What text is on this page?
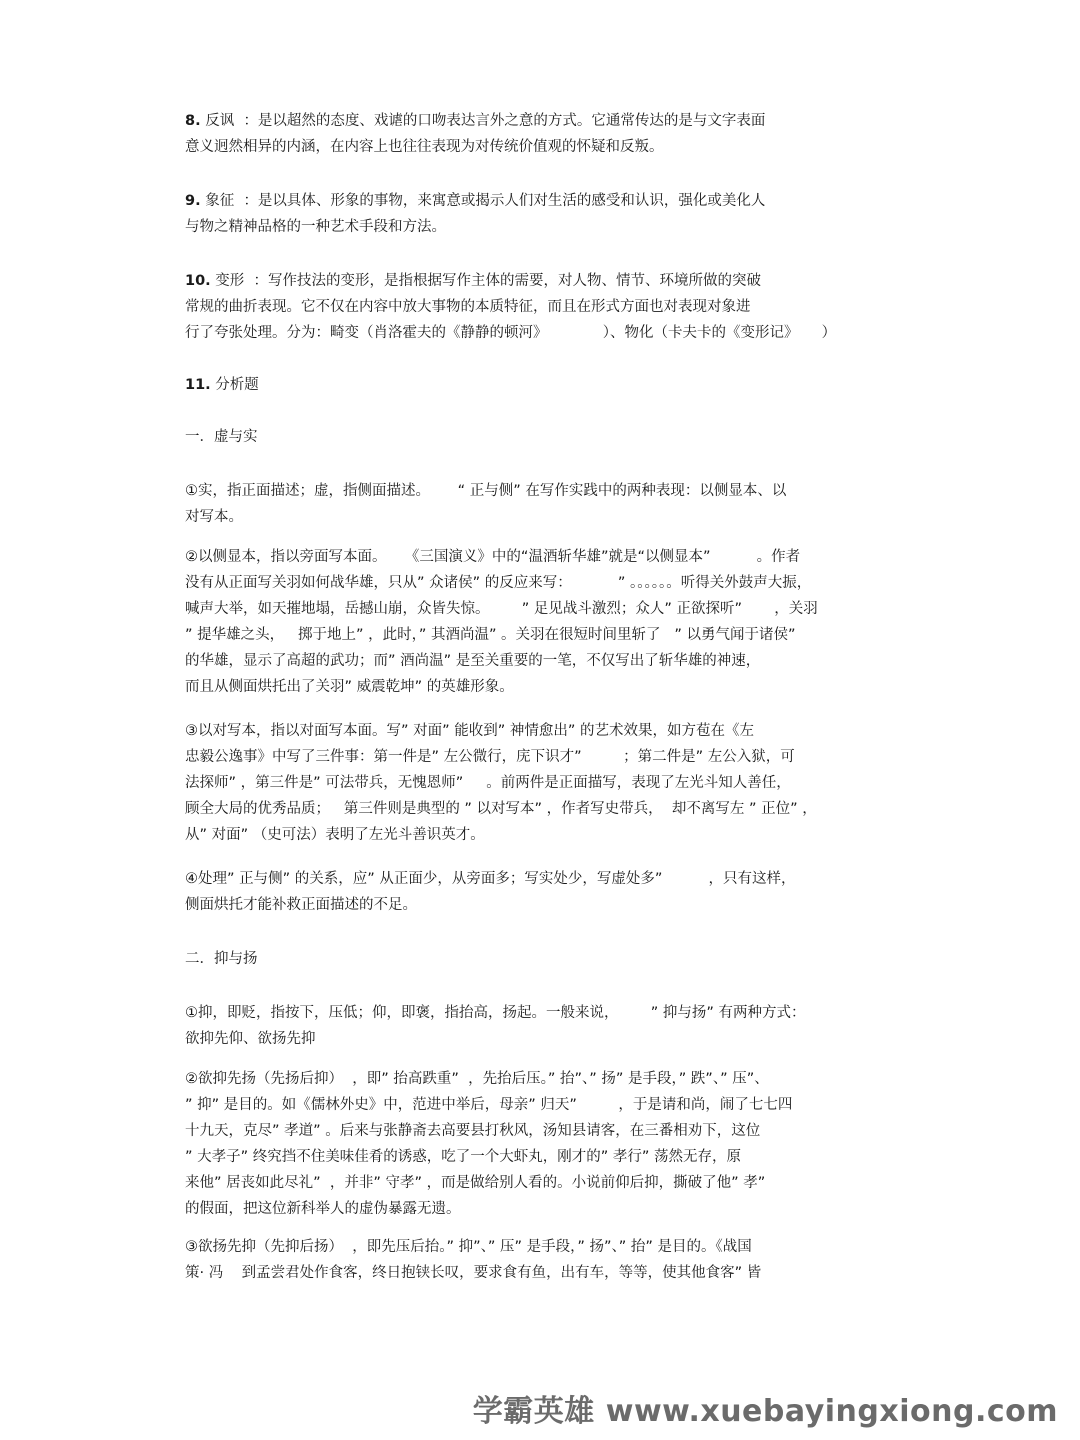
8. 反讽 ：是以超然的态度、戏谑的口吻表达言外之意的方式。它通常传达的是与文字表面

意义迥然相异的内涵，在内容上也往往表现为对传统价值观的怀疑和反叛。

9. 象征 ：是以具体、形象的事物，来寓意或揭示人们对生活的感受和认识，强化或美化人

与物之精神品格的一种艺术手段和方法。

10. 变形 ：写作技法的变形，是指根据写作主体的需要，对人物、情节、环境所做的突破

常规的曲折表现。它不仅在内容中放大事物的本质特征，而且在形式方面也对表现对象进

行了夸张处理。分为：畸变（肖洛霍夫的《静静的顿河》            ）、物化（卡夫卡的《变形记》     ）

11. 分析题

一．虚与实

①实，指正面描述；虚，指侧面描述。      “ 正与侧” 在写作实践中的两种表现：以侧显本、以

对写本。

②以侧显本，指以旁面写本面。    《三国演义》中的“温酒斩华雄”就是“以侧显本”          。作者

没有从正面写关羽如何战华雄，只从” 众诸侯” 的反应来写：          ” 。。。。。。听得关外鼓声大振，

喊声大举，如天摧地塌，岳撼山崩，众皆失惊。       ” 足见战斗激烈；众人” 正欲探听”       ，关羽

” 提华雄之头，   掷于地上” ，此时，” 其酒尚温” 。关羽在很短时间里斩了   ” 以勇气闻于诸侯”

的华雄，显示了高超的武功；而” 酒尚温” 是至关重要的一笔，不仅写出了斩华雄的神速，

而且从侧面烘托出了关羽” 威震乾坤” 的英雄形象。

③以对写本，指以对面写本面。写” 对面” 能收到” 神情愈出” 的艺术效果，如方苞在《左

忠毅公逸事》中写了三件事：第一件是” 左公微行，庑下识才”         ；第二件是” 左公入狱，可

法探师” ，第三件是” 可法带兵，无愧恩师”     。前两件是正面描写，表现了左光斗知人善任，

顾全大局的优秀品质；   第三件则是典型的 ” 以对写本” ，作者写史带兵，  却不离写左 ” 正位” ，

从” 对面” （史可法）表明了左光斗善识英才。

④处理” 正与侧” 的关系，应” 从正面少，从旁面多；写实处少，写虚处多”          ，只有这样，

侧面烘托才能补救正面描述的不足。

二．抑与扬

①抑，即贬，指按下，压低；仰，即褒，指抬高，扬起。一般来说，       ” 抑与扬” 有两种方式：

欲抑先仰、欲扬先抑

②欲抑先扬（先扬后抑）  ，即” 抬高跌重”  ，先抬后压。” 抬”、” 扬” 是手段，” 跌”、” 压”、

” 抑” 是目的。如《儒林外史》中，范进中举后，母亲” 归天”         ，于是请和尚，闹了七七四

十九天，克尽” 孝道” 。后来与张静斋去高要县打秋风，汤知县请客，在三番相劝下，这位

” 大孝子” 终究挡不住美味佳肴的诱惑，吃了一个大虾丸，刚才的” 孝行” 荡然无存，原

来他” 居丧如此尽礼”  ，并非” 守孝” ，而是做给别人看的。小说前仰后抑，撕破了他” 孝”

的假面，把这位新科举人的虚伪暴露无遗。

③欲扬先抑（先抑后扬）  ，即先压后抬。” 抑”、” 压” 是手段，” 扬”、” 抬” 是目的。《战国

策· 冯    到孟尝君处作食客，终日抱铗长叹，要求食有鱼，出有车，等等，使其他食客” 皆

学霸英雄 www.xuebayingxiong.com
